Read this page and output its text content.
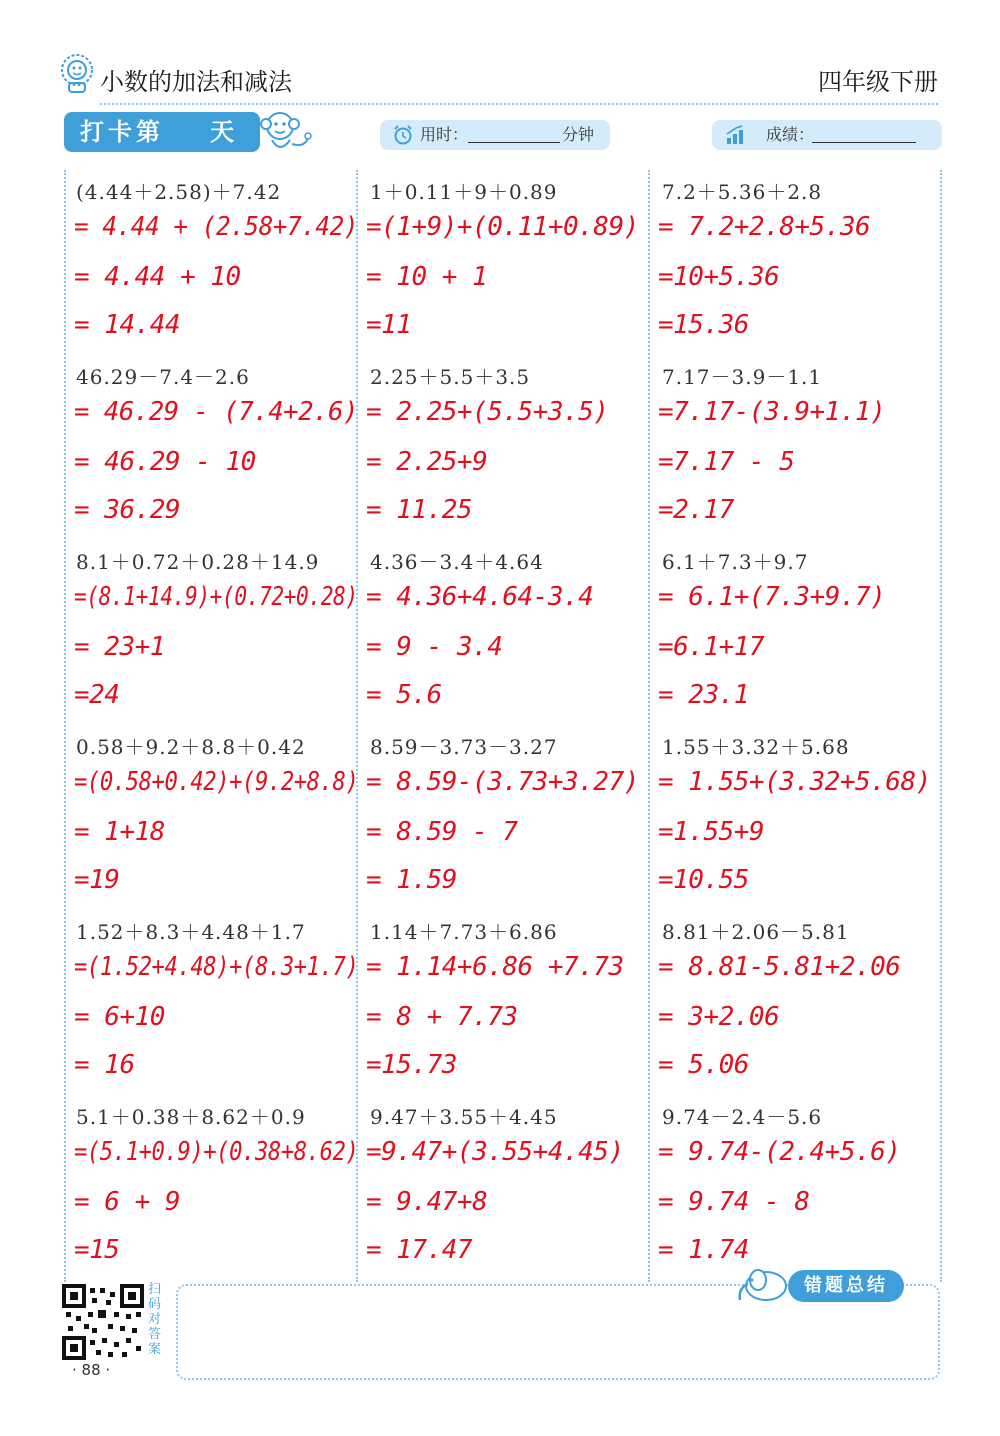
小数的加法和减法	四年级下册
打卡第 天	用时：	分钟	成绩：
(4.44＋2.58)＋7.42
= 4.44 + (2.58+7.42)
= 4.44 + 10
= 14.44
46.29－7.4－2.6
= 46.29 - (7.4+2.6)
= 46.29 - 10
= 36.29
8.1＋0.72＋0.28＋14.9
=(8.1+14.9)+(0.72+0.28)
= 23+1
=24
0.58＋9.2＋8.8＋0.42
=(0.58+0.42)+(9.2+8.8)
= 1+18
=19
1.52＋8.3＋4.48＋1.7
=(1.52+4.48)+(8.3+1.7)
= 6+10
= 16
5.1＋0.38＋8.62＋0.9
=(5.1+0.9)+(0.38+8.62)
= 6 + 9
=15
1＋0.11＋9＋0.89
=(1+9)+(0.11+0.89)
= 10 + 1
=11
2.25＋5.5＋3.5
= 2.25+(5.5+3.5)
= 2.25+9
= 11.25
4.36－3.4＋4.64
= 4.36+4.64-3.4
= 9 - 3.4
= 5.6
8.59－3.73－3.27
= 8.59-(3.73+3.27)
= 8.59 - 7
= 1.59
1.14＋7.73＋6.86
= 1.14+6.86 +7.73
= 8 + 7.73
=15.73
9.47＋3.55＋4.45
=9.47+(3.55+4.45)
= 9.47+8
= 17.47
7.2＋5.36＋2.8
= 7.2+2.8+5.36
=10+5.36
=15.36
7.17－3.9－1.1
=7.17-(3.9+1.1)
=7.17 - 5
=2.17
6.1＋7.3＋9.7
= 6.1+(7.3+9.7)
=6.1+17
= 23.1
1.55＋3.32＋5.68
= 1.55+(3.32+5.68)
=1.55+9
=10.55
8.81＋2.06－5.81
= 8.81-5.81+2.06
= 3+2.06
= 5.06
9.74－2.4－5.6
= 9.74-(2.4+5.6)
= 9.74 - 8
= 1.74
扫码对答案
· 88 ·
错题总结
